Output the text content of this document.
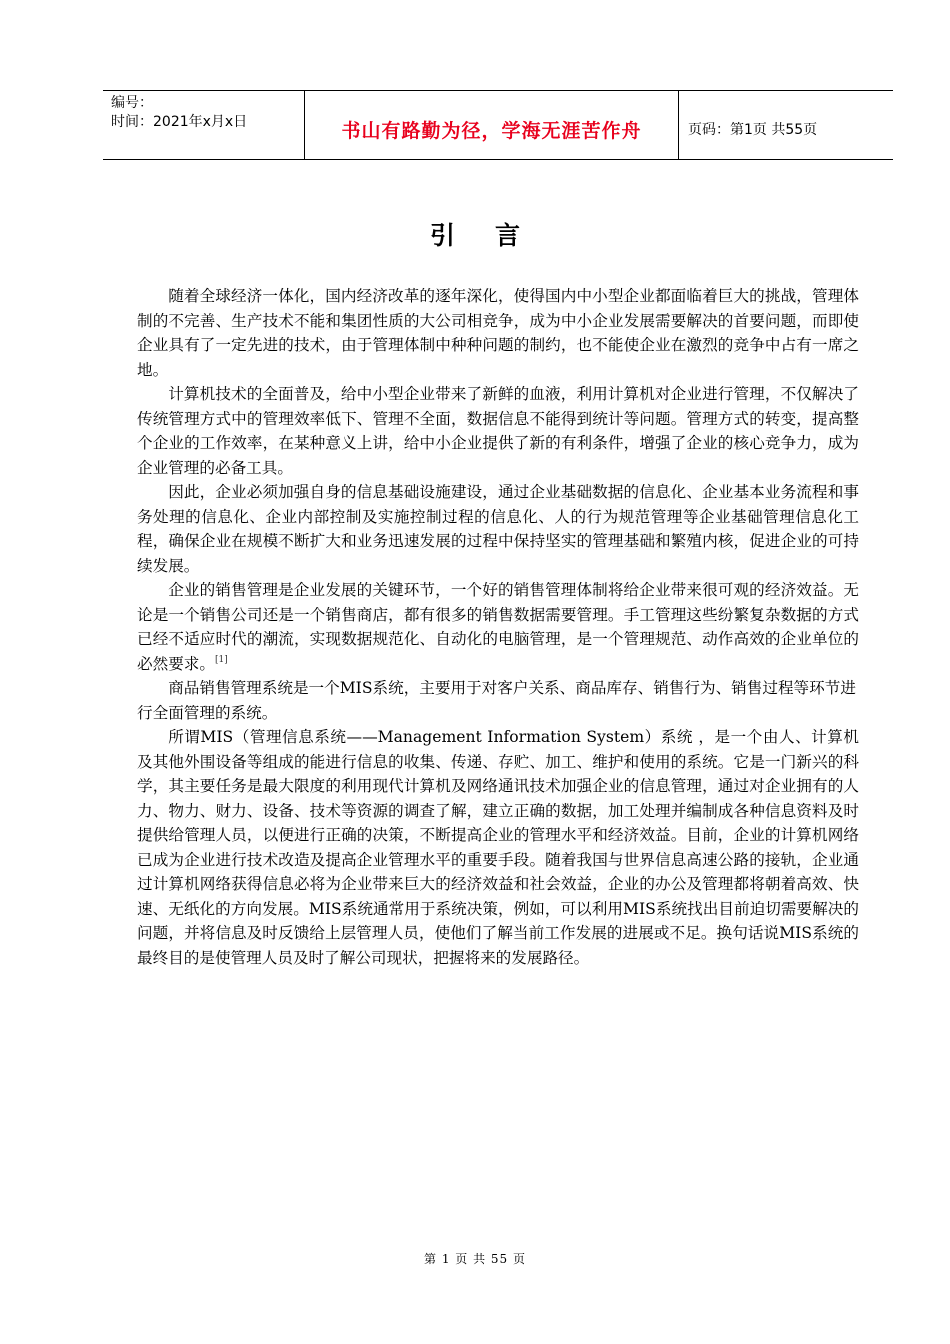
编号：
时间：2021年x月x日	书山有路勤为径，学海无涯苦作舟	页码：第1页 共55页
引 言

随着全球经济一体化，国内经济改革的逐年深化，使得国内中小型企业都面临着巨大的挑战，管理体制的不完善、生产技术不能和集团性质的大公司相竞争，成为中小企业发展需要解决的首要问题，而即使企业具有了一定先进的技术，由于管理体制中种种问题的制约，也不能使企业在激烈的竞争中占有一席之地。

计算机技术的全面普及，给中小型企业带来了新鲜的血液，利用计算机对企业进行管理，不仅解决了传统管理方式中的管理效率低下、管理不全面，数据信息不能得到统计等问题。管理方式的转变，提高整个企业的工作效率，在某种意义上讲，给中小企业提供了新的有利条件，增强了企业的核心竞争力，成为企业管理的必备工具。

因此，企业必须加强自身的信息基础设施建设，通过企业基础数据的信息化、企业基本业务流程和事务处理的信息化、企业内部控制及实施控制过程的信息化、人的行为规范管理等企业基础管理信息化工程，确保企业在规模不断扩大和业务迅速发展的过程中保持坚实的管理基础和繁殖内核，促进企业的可持续发展。

企业的销售管理是企业发展的关键环节，一个好的销售管理体制将给企业带来很可观的经济效益。无论是一个销售公司还是一个销售商店，都有很多的销售数据需要管理。手工管理这些纷繁复杂数据的方式已经不适应时代的潮流，实现数据规范化、自动化的电脑管理，是一个管理规范、动作高效的企业单位的必然要求。[1]

商品销售管理系统是一个MIS系统，主要用于对客户关系、商品库存、销售行为、销售过程等环节进行全面管理的系统。

所谓MIS（管理信息系统——Management Information System）系统 ，是一个由人、计算机及其他外围设备等组成的能进行信息的收集、传递、存贮、加工、维护和使用的系统。它是一门新兴的科学，其主要任务是最大限度的利用现代计算机及网络通讯技术加强企业的信息管理，通过对企业拥有的人力、物力、财力、设备、技术等资源的调查了解，建立正确的数据，加工处理并编制成各种信息资料及时提供给管理人员，以便进行正确的决策，不断提高企业的管理水平和经济效益。目前，企业的计算机网络已成为企业进行技术改造及提高企业管理水平的重要手段。随着我国与世界信息高速公路的接轨，企业通过计算机网络获得信息必将为企业带来巨大的经济效益和社会效益，企业的办公及管理都将朝着高效、快速、无纸化的方向发展。MIS系统通常用于系统决策，例如，可以利用MIS系统找出目前迫切需要解决的问题，并将信息及时反馈给上层管理人员，使他们了解当前工作发展的进展或不足。换句话说MIS系统的最终目的是使管理人员及时了解公司现状，把握将来的发展路径。

第 1 页 共 55 页
